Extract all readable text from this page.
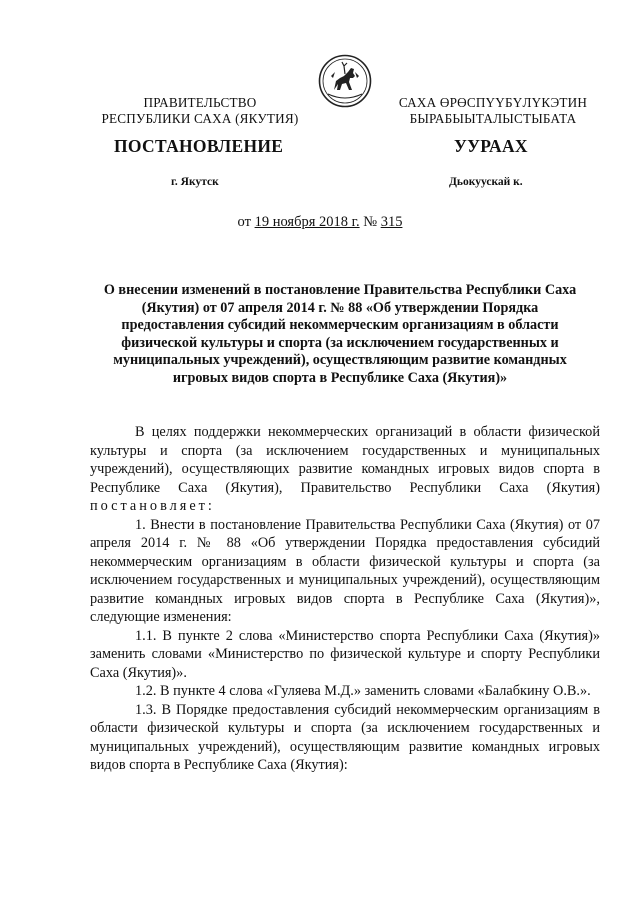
ПРАВИТЕЛЬСТВО
РЕСПУБЛИКИ САХА (ЯКУТИЯ)
САХА ӨРӨСПҮҮБҮЛҮКЭТИН
БЫРАБЫЫТАЛЫСТЫБАТА
ПОСТАНОВЛЕНИЕ	УУРААХ
г. Якутск	Дьокуускай к.
от 19 ноября 2018 г. № 315
О внесении изменений в постановление Правительства Республики Саха (Якутия) от 07 апреля 2014 г. № 88 «Об утверждении Порядка предоставления субсидий некоммерческим организациям в области физической культуры и спорта (за исключением государственных и муниципальных учреждений), осуществляющим развитие командных игровых видов спорта в Республике Саха (Якутия)»

В целях поддержки некоммерческих организаций в области физической культуры и спорта (за исключением государственных и муниципальных учреждений), осуществляющих развитие командных игровых видов спорта в Республике Саха (Якутия), Правительство Республики Саха (Якутия) постановляет:

1. Внести в постановление Правительства Республики Саха (Якутия) от 07 апреля 2014 г. № 88 «Об утверждении Порядка предоставления субсидий некоммерческим организациям в области физической культуры и спорта (за исключением государственных и муниципальных учреждений), осуществляющим развитие командных игровых видов спорта в Республике Саха (Якутия)», следующие изменения:

1.1. В пункте 2 слова «Министерство спорта Республики Саха (Якутия)» заменить словами «Министерство по физической культуре и спорту Республики Саха (Якутия)».

1.2. В пункте 4 слова «Гуляева М.Д.» заменить словами «Балабкину О.В.».

1.3. В Порядке предоставления субсидий некоммерческим организациям в области физической культуры и спорта (за исключением государственных и муниципальных учреждений), осуществляющим развитие командных игровых видов спорта в Республике Саха (Якутия):
